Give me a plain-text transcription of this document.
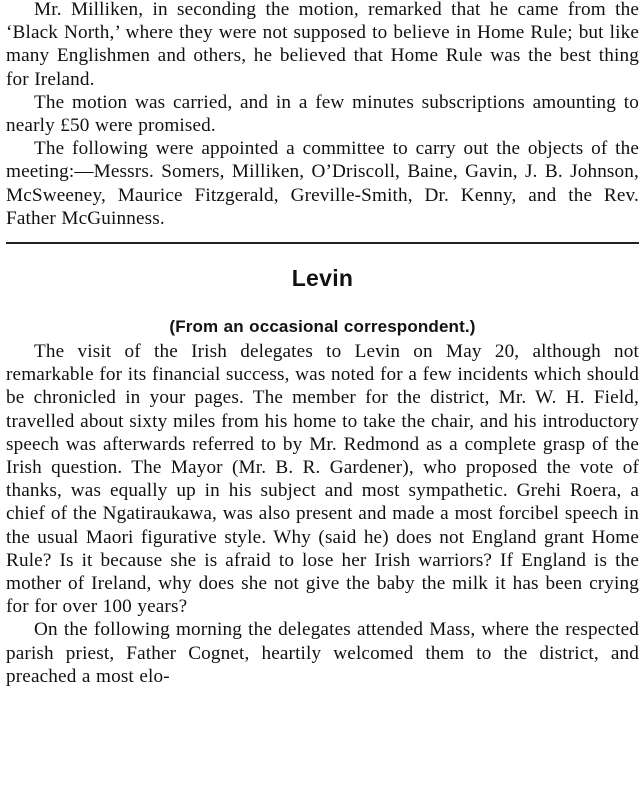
Mr. Milliken, in seconding the motion, remarked that he came from the ‘Black North,’ where they were not supposed to believe in Home Rule; but like many Englishmen and others, he believed that Home Rule was the best thing for Ireland.

The motion was carried, and in a few minutes subscriptions amounting to nearly £50 were promised.

The following were appointed a committee to carry out the objects of the meeting:—Messrs. Somers, Milliken, O’Driscoll, Baine, Gavin, J. B. Johnson, McSweeney, Maurice Fitzgerald, Greville-Smith, Dr. Kenny, and the Rev. Father McGuinness.

Levin
(From an occasional correspondent.)

The visit of the Irish delegates to Levin on May 20, although not remarkable for its financial success, was noted for a few incidents which should be chronicled in your pages. The member for the district, Mr. W. H. Field, travelled about sixty miles from his home to take the chair, and his introductory speech was afterwards referred to by Mr. Redmond as a complete grasp of the Irish question. The Mayor (Mr. B. R. Gardener), who proposed the vote of thanks, was equally up in his subject and most sympathetic. Grehi Roera, a chief of the Ngatiraukawa, was also present and made a most forcibel speech in the usual Maori figurative style. Why (said he) does not England grant Home Rule? Is it because she is afraid to lose her Irish warriors? If England is the mother of Ireland, why does she not give the baby the milk it has been crying for for over 100 years?

On the following morning the delegates attended Mass, where the respected parish priest, Father Cognet, heartily welcomed them to the district, and preached a most elo-
